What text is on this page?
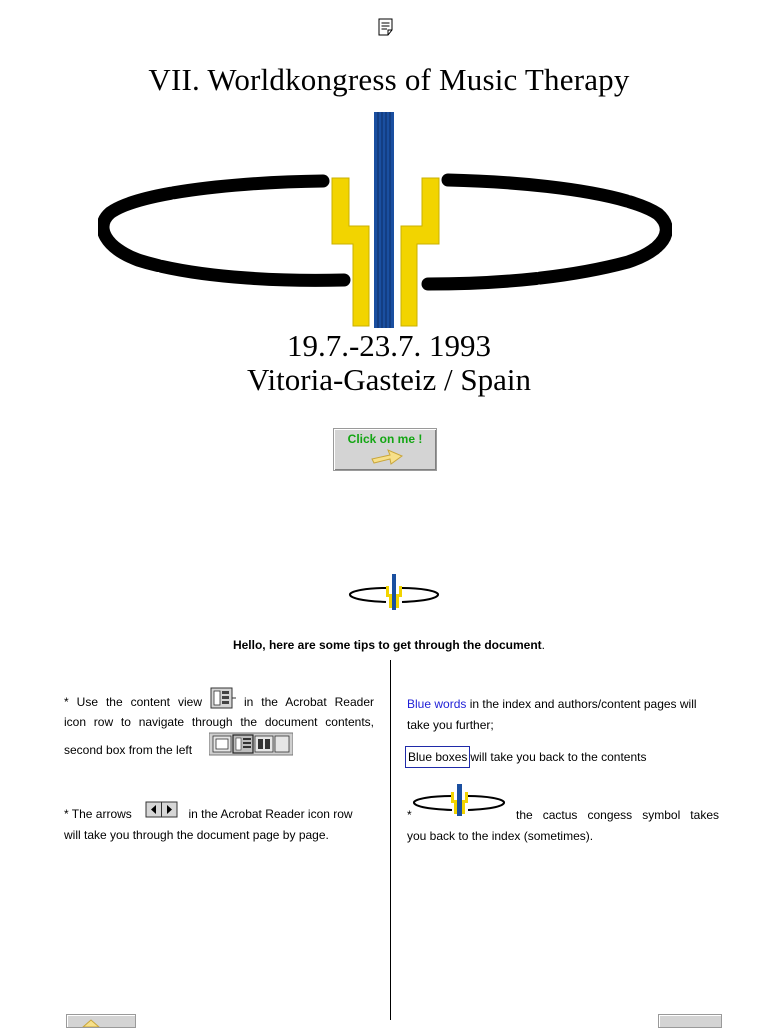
VII. Worldkongress of Music Therapy
19.7.-23.7. 1993
Vitoria-Gasteiz / Spain
Click on me !
Hello, here are some tips to get through the document.
* Use the content view	in the Acrobat Reader
icon row to navigate through the document contents,
second box from the left
* The arrows	in the Acrobat Reader icon row
will take you through the document page by page.
Blue words in the index and authors/content pages will
take you further;
Blue boxes will take you back to the contents
*	the cactus congess symbol takes
you back to the index (sometimes).
